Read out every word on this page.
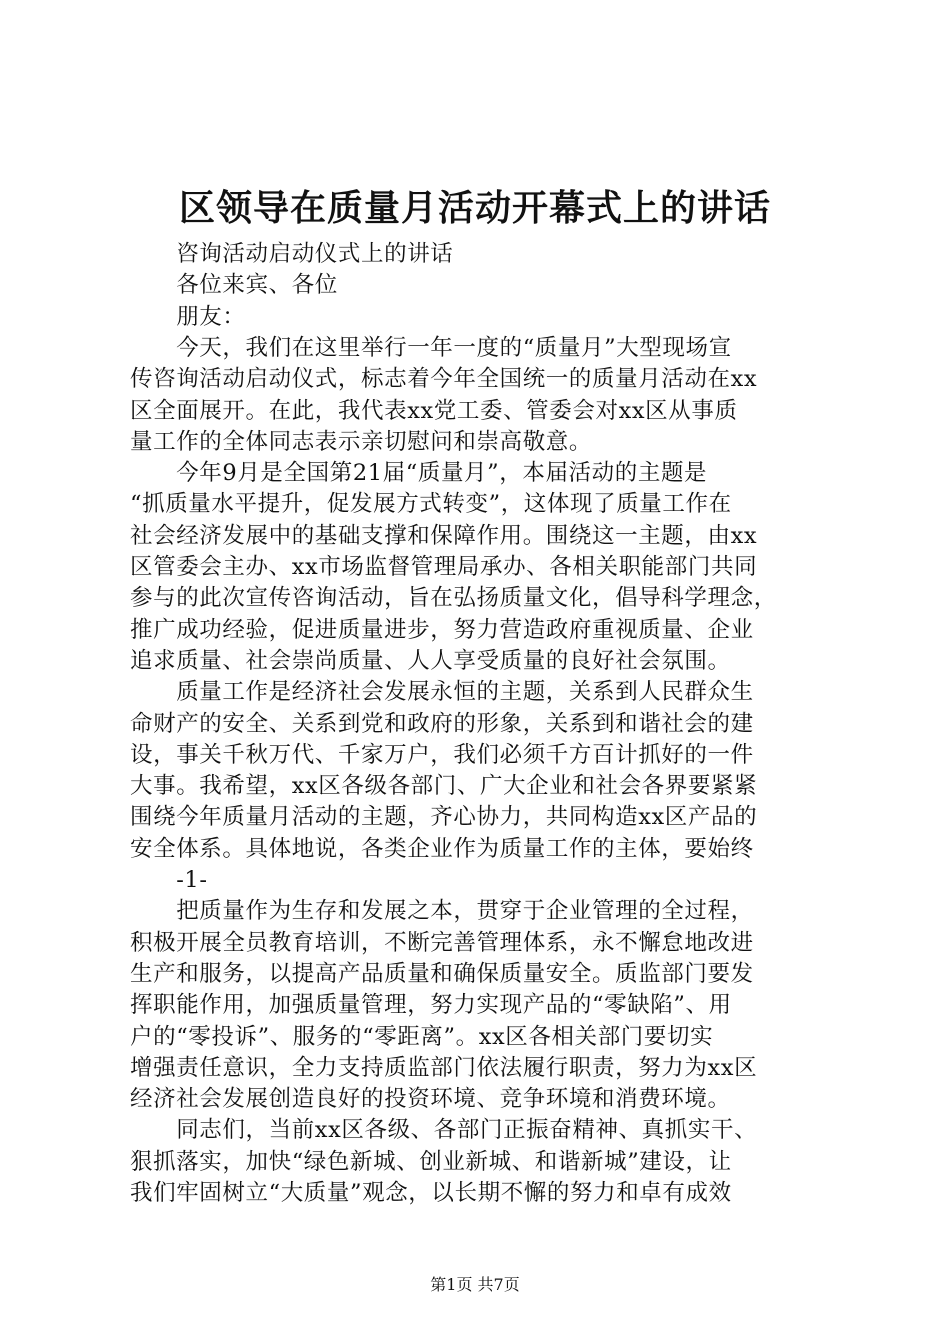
区领导在质量月活动开幕式上的讲话
　　咨询活动启动仪式上的讲话
　　各位来宾、各位
　　朋友：
　　今天，我们在这里举行一年一度的“质量月”大型现场宣
传咨询活动启动仪式，标志着今年全国统一的质量月活动在xx
区全面展开。在此，我代表xx党工委、管委会对xx区从事质
量工作的全体同志表示亲切慰问和崇高敬意。
　　今年9月是全国第21届“质量月”，本届活动的主题是
“抓质量水平提升，促发展方式转变”，这体现了质量工作在
社会经济发展中的基础支撑和保障作用。围绕这一主题，由xx
区管委会主办、xx市场监督管理局承办、各相关职能部门共同
参与的此次宣传咨询活动，旨在弘扬质量文化，倡导科学理念，
推广成功经验，促进质量进步，努力营造政府重视质量、企业
追求质量、社会崇尚质量、人人享受质量的良好社会氛围。
　　质量工作是经济社会发展永恒的主题，关系到人民群众生
命财产的安全、关系到党和政府的形象，关系到和谐社会的建
设，事关千秋万代、千家万户，我们必须千方百计抓好的一件
大事。我希望，xx区各级各部门、广大企业和社会各界要紧紧
围绕今年质量月活动的主题，齐心协力，共同构造xx区产品的
安全体系。具体地说，各类企业作为质量工作的主体，要始终
　　-1-
　　把质量作为生存和发展之本，贯穿于企业管理的全过程，
积极开展全员教育培训，不断完善管理体系，永不懈怠地改进
生产和服务，以提高产品质量和确保质量安全。质监部门要发
挥职能作用，加强质量管理，努力实现产品的“零缺陷”、用
户的“零投诉”、服务的“零距离”。xx区各相关部门要切实
增强责任意识，全力支持质监部门依法履行职责，努力为xx区
经济社会发展创造良好的投资环境、竞争环境和消费环境。
　　同志们，当前xx区各级、各部门正振奋精神、真抓实干、
狠抓落实，加快“绿色新城、创业新城、和谐新城”建设，让
我们牢固树立“大质量”观念，以长期不懈的努力和卓有成效
第1页 共7页
